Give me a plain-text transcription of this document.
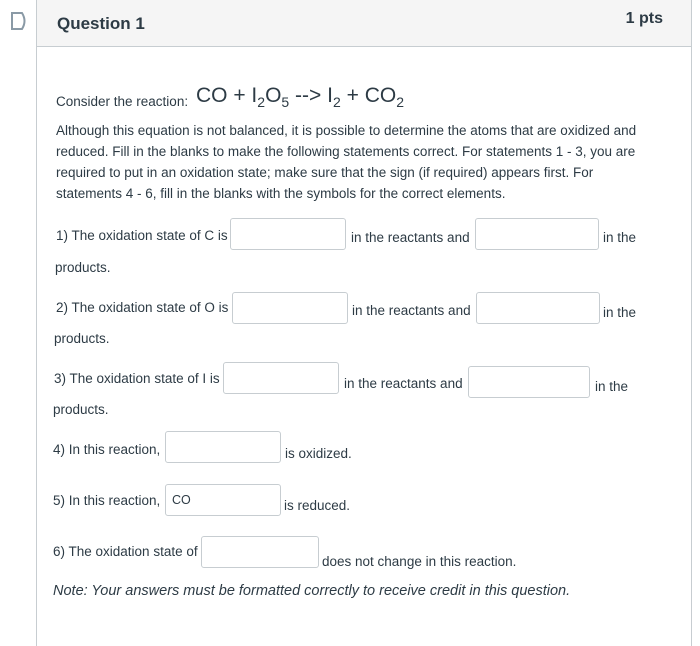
Question 1	1 pts
Consider the reaction: CO + $I_2O_5$ --> $I_2 + CO_2$
Although this equation is not balanced, it is possible to determine the atoms that are oxidized and reduced. Fill in the blanks to make the following statements correct. For statements 1 - 3, you are required to put in an oxidation state; make sure that the sign (if required) appears first. For statements 4 - 6, fill in the blanks with the symbols for the correct elements.
1) The oxidation state of C is	in the reactants and	in the
products.
2) The oxidation state of O is	in the reactants and	in the
products.
3) The oxidation state of I is	in the reactants and	in the
products.
4) In this reaction,	is oxidized.
5) In this reaction,
CO	is reduced.
6) The oxidation state of
does not change in this reaction.
Note: Your answers must be formatted correctly to receive credit in this question.
